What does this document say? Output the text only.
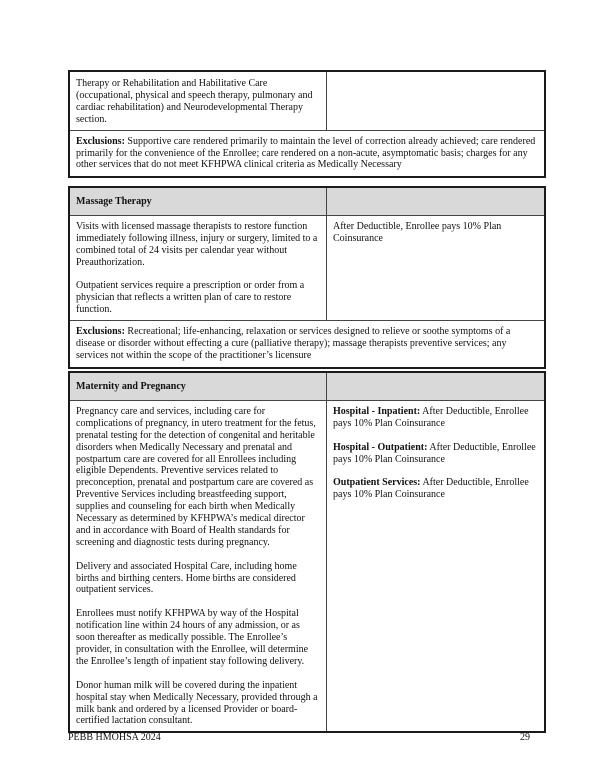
Therapy or Rehabilitation and Habilitative Care (occupational, physical and speech therapy, pulmonary and cardiac rehabilitation) and Neurodevelopmental Therapy section.

Exclusions: Supportive care rendered primarily to maintain the level of correction already achieved; care rendered primarily for the convenience of the Enrollee; care rendered on a non-acute, asymptomatic basis; charges for any other services that do not meet KFHPWA clinical criteria as Medically Necessary
Massage Therapy

Visits with licensed massage therapists to restore function immediately following illness, injury or surgery, limited to a combined total of 24 visits per calendar year without Preauthorization.

Outpatient services require a prescription or order from a physician that reflects a written plan of care to restore function.

After Deductible, Enrollee pays 10% Plan Coinsurance

Exclusions: Recreational; life-enhancing, relaxation or services designed to relieve or soothe symptoms of a disease or disorder without effecting a cure (palliative therapy); massage therapists preventive services; any services not within the scope of the practitioner’s licensure
Maternity and Pregnancy

Pregnancy care and services, including care for complications of pregnancy, in utero treatment for the fetus, prenatal testing for the detection of congenital and heritable disorders when Medically Necessary and prenatal and postpartum care are covered for all Enrollees including eligible Dependents. Preventive services related to preconception, prenatal and postpartum care are covered as Preventive Services including breastfeeding support, supplies and counseling for each birth when Medically Necessary as determined by KFHPWA’s medical director and in accordance with Board of Health standards for screening and diagnostic tests during pregnancy.

Delivery and associated Hospital Care, including home births and birthing centers. Home births are considered outpatient services.

Enrollees must notify KFHPWA by way of the Hospital notification line within 24 hours of any admission, or as soon thereafter as medically possible. The Enrollee’s provider, in consultation with the Enrollee, will determine the Enrollee’s length of inpatient stay following delivery.

Donor human milk will be covered during the inpatient hospital stay when Medically Necessary, provided through a milk bank and ordered by a licensed Provider or board-certified lactation consultant.

Hospital - Inpatient: After Deductible, Enrollee pays 10% Plan Coinsurance

Hospital - Outpatient: After Deductible, Enrollee pays 10% Plan Coinsurance

Outpatient Services: After Deductible, Enrollee pays 10% Plan Coinsurance

PEBB HMOHSA 2024	29
